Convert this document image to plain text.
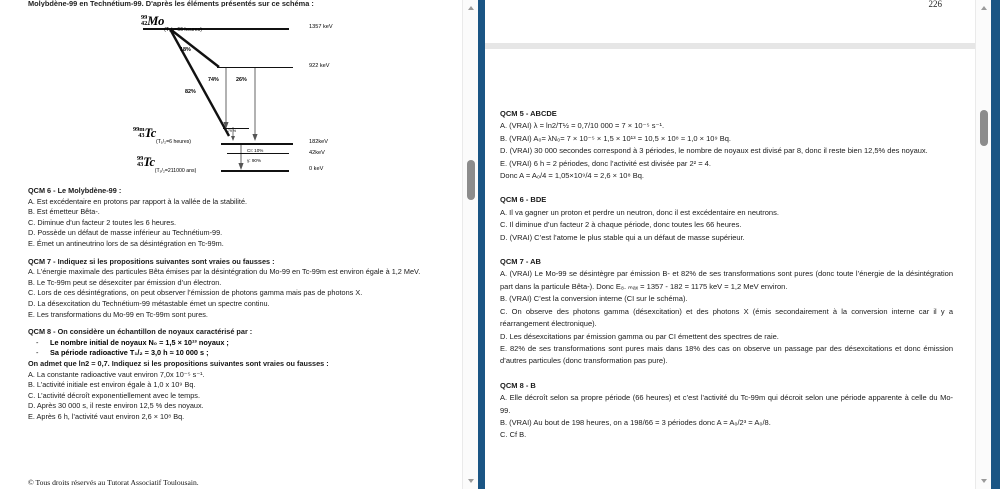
Molybdène-99 en Technétium-99. D'après les éléments présentés sur ce schéma :
99
42 Mo(T₁/₂=66 heures)
99m
43 Tc(T₁/₂=6 heures)
99
43 Tc(T₁/₂=211000 ans)
1357 keV
922 keV
182keV
42keV
0 keV
18%
82%
74%	26%
79 %
CI: 10%
γ: 90%

QCM 6 - Le Molybdène-99 :

A. Est excédentaire en protons par rapport à la vallée de la stabilité.

B. Est émetteur Bêta-.

C. Diminue d’un facteur 2 toutes les 6 heures.

D. Possède un défaut de masse inférieur au Technétium-99.

E. Émet un antineutrino lors de sa désintégration en Tc-99m.

QCM 7 - Indiquez si les propositions suivantes sont vraies ou fausses :

A. L’énergie maximale des particules Bêta émises par la désintégration du Mo-99 en Tc-99m est environ égale à 1,2 MeV.

B. Le Tc-99m peut se désexciter par émission d’un électron.

C. Lors de ces désintégrations, on peut observer l’émission de photons gamma mais pas de photons X.

D. La désexcitation du Technétium-99 métastable émet un spectre continu.

E. Les transformations du Mo-99 en Tc-99m sont pures.

QCM 8 - On considère un échantillon de noyaux caractérisé par :

- Le nombre initial de noyaux N₀ = 1,5 × 10¹³ noyaux ;

- Sa période radioactive T₁/₂ = 3,0 h ≈ 10 000 s ;

On admet que ln2 = 0,7. Indiquez si les propositions suivantes sont vraies ou fausses :

A. La constante radioactive vaut environ 7,0x 10⁻⁵ s⁻¹.

B. L’activité initiale est environ égale à 1,0 x 10⁹ Bq.

C. L’activité décroît exponentiellement avec le temps.

D. Après 30 000 s, il reste environ 12,5 % des noyaux.

E. Après 6 h, l’activité vaut environ 2,6 × 10⁸ Bq.

© Tous droits réservés au Tutorat Associatif Toulousain.
226

QCM 5 - ABCDE

A. (VRAI) λ = ln2/T½ = 0,7/10 000 = 7 × 10⁻⁵ s⁻¹.

B. (VRAI) A₀= λN₀= 7 × 10⁻⁵ × 1,5 × 10¹³ = 10,5 × 10⁸ ≈ 1,0 × 10⁹ Bq.

D. (VRAI) 30 000 secondes correspond à 3 périodes, le nombre de noyaux est divisé par 8, donc il reste bien 12,5% des noyaux.

E. (VRAI) 6 h = 2 périodes, donc l’activité est divisée par 2² = 4.

Donc A = A₀/4 = 1,05×10⁹/4 = 2,6 × 10⁸ Bq.

QCM 6 - BDE

A. Il va gagner un proton et perdre un neutron, donc il est excédentaire en neutrons.

C. Il diminue d’un facteur 2 à chaque période, donc toutes les 66 heures.

D. (VRAI) C’est l’atome le plus stable qui a un défaut de masse supérieur.

QCM 7 - AB

A. (VRAI) Le Mo-99 se désintègre par émission B- et 82% de ses transformations sont pures (donc toute l’énergie de la désintégration part dans la particule Bêta-). Donc E₈. ₘₐₓ = 1357 - 182 = 1175 keV = 1,2 MeV environ.

B. (VRAI) C’est la conversion interne (CI sur le schéma).

C. On observe des photons gamma (désexcitation) et des photons X (émis secondairement à la conversion interne car il y a réarrangement électronique).

D. Les désexcitations par émission gamma ou par CI émettent des spectres de raie.

E. 82% de ses transformations sont pures mais dans 18% des cas on observe un passage par des désexcitations et donc émission d’autres particules (donc transformation pas pure).

QCM 8 - B

A. Elle décroît selon sa propre période (66 heures) et c’est l’activité du Tc-99m qui décroit selon une période apparente à celle du Mo-99.

B. (VRAI) Au bout de 198 heures, on a 198/66 = 3 périodes donc A = A₀/2³ = A₀/8.

C. Cf B.
